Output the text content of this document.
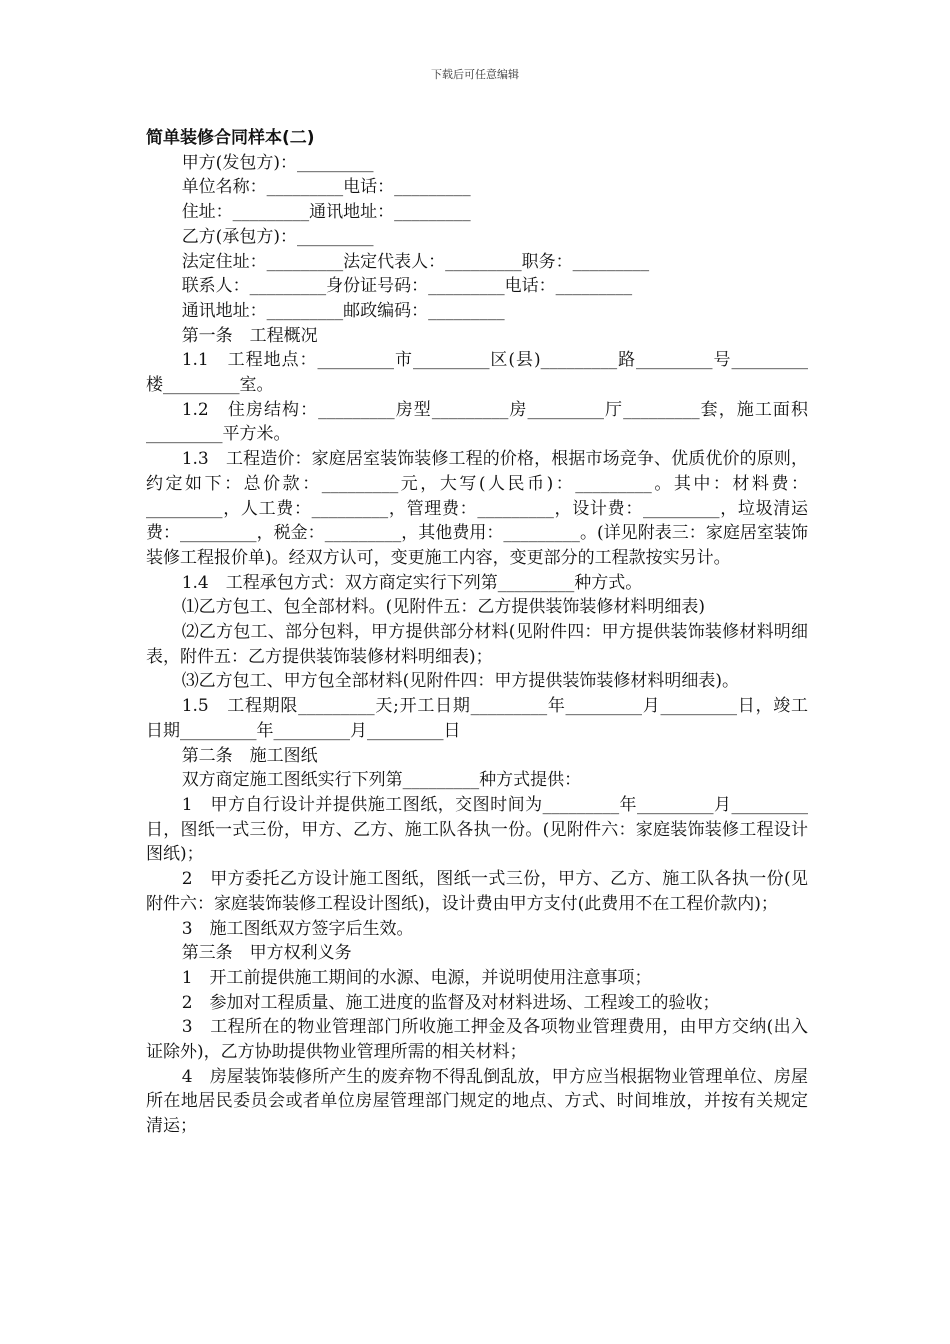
下载后可任意编辑
简单装修合同样本(二)
甲方(发包方)：_________
单位名称：_________电话：_________
住址：_________通讯地址：_________
乙方(承包方)：_________
法定住址：_________法定代表人：_________职务：_________
联系人：_________身份证号码：_________电话：_________
通讯地址：_________邮政编码：_________
第一条　工程概况
1.1　工程地点：_________市_________区(县)_________路_________号_________楼_________室。
1.2　住房结构：_________房型_________房_________厅_________套，施工面积_________平方米。
1.3　工程造价：家庭居室装饰装修工程的价格，根据市场竞争、优质优价的原则，约定如下：总价款：_________元，大写(人民币)：_________。其中：材料费：_________，人工费：_________，管理费：_________，设计费：_________，垃圾清运费：_________，税金：_________，其他费用：_________。(详见附表三：家庭居室装饰装修工程报价单)。经双方认可，变更施工内容，变更部分的工程款按实另计。
1.4　工程承包方式：双方商定实行下列第_________种方式。
⑴乙方包工、包全部材料。(见附件五：乙方提供装饰装修材料明细表)
⑵乙方包工、部分包料，甲方提供部分材料(见附件四：甲方提供装饰装修材料明细表，附件五：乙方提供装饰装修材料明细表)；
⑶乙方包工、甲方包全部材料(见附件四：甲方提供装饰装修材料明细表)。
1.5　工程期限_________天;开工日期_________年_________月_________日，竣工日期_________年_________月_________日
第二条　施工图纸
双方商定施工图纸实行下列第_________种方式提供：
1　甲方自行设计并提供施工图纸，交图时间为_________年_________月_________日，图纸一式三份，甲方、乙方、施工队各执一份。(见附件六：家庭装饰装修工程设计图纸)；
2　甲方委托乙方设计施工图纸，图纸一式三份，甲方、乙方、施工队各执一份(见附件六：家庭装饰装修工程设计图纸)，设计费由甲方支付(此费用不在工程价款内)；
3　施工图纸双方签字后生效。
第三条　甲方权利义务
1　开工前提供施工期间的水源、电源，并说明使用注意事项；
2　参加对工程质量、施工进度的监督及对材料进场、工程竣工的验收；
3　工程所在的物业管理部门所收施工押金及各项物业管理费用，由甲方交纳(出入证除外)，乙方协助提供物业管理所需的相关材料；
4　房屋装饰装修所产生的废弃物不得乱倒乱放，甲方应当根据物业管理单位、房屋所在地居民委员会或者单位房屋管理部门规定的地点、方式、时间堆放，并按有关规定清运；
